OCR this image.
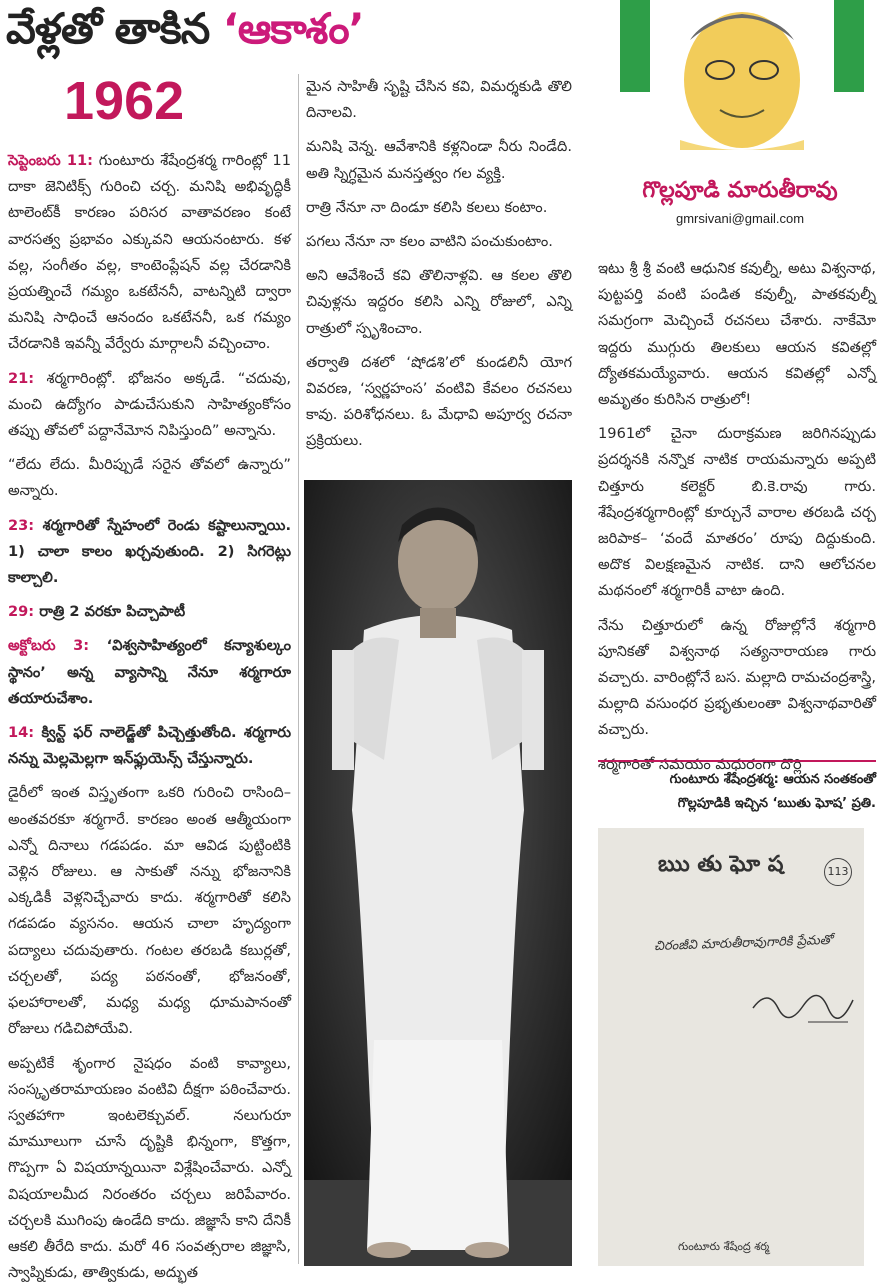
వేళ్లతో తాకిన ‘ఆకాశం’
1962

సెప్టెంబరు 11: గుంటూరు శేషేంద్రశర్మ గారింట్లో 11 దాకా జెనిటిక్స్ గురించి చర్చ. మనిషి అభివృద్ధికీ టాలెంట్‌కీ కారణం పరిసర వాతావరణం కంటే వారసత్వ ప్రభావం ఎక్కువని ఆయనంటారు. కళ వల్ల, సంగీతం వల్ల, కాంటెంప్లేషన్ వల్ల చేరడానికి ప్రయత్నించే గమ్యం ఒకటేననీ, వాటన్నిటి ద్వారా మనిషి సాధించే ఆనందం ఒకటేననీ, ఒక గమ్యం చేరడానికి ఇవన్నీ వేర్వేరు మార్గాలనీ వచ్చించాం.

21: శర్మగారింట్లో. భోజనం అక్కడే. “చదువు, మంచి ఉద్యోగం పాడుచేసుకుని సాహిత్యంకోసం తప్పు తోవలో పద్దానేమోన నిపిస్తుంది” అన్నాను.

“లేదు లేదు. మీరిప్పుడే సరైన తోవలో ఉన్నారు” అన్నారు.

23: శర్మగారితో స్నేహంలో రెండు కష్టాలున్నాయి. 1) చాలా కాలం ఖర్చవుతుంది. 2) సిగరెట్లు కాల్చాలి.

29: రాత్రి 2 వరకూ పిచ్చాపాటీ

అక్టోబరు 3: ‘విశ్వసాహిత్యంలో కన్యాశుల్కం స్థానం’ అన్న వ్యాసాన్ని నేనూ శర్మగారూ తయారుచేశాం.

14: క్విన్ట్ ఫర్ నాలెడ్జ్‌తో పిచ్చెత్తుతోంది. శర్మగారు నన్ను మెల్లమెల్లగా ఇన్‌ఫ్లుయెన్స్ చేస్తున్నారు.

డైరీలో ఇంత విస్తృతంగా ఒకరి గురించి రాసింది– అంతవరకూ శర్మగారే. కారణం అంత ఆత్మీయంగా ఎన్నో దినాలు గడపడం. మా ఆవిడ పుట్టింటికి వెళ్లిన రోజులు. ఆ సాకుతో నన్ను భోజనానికి ఎక్కడికీ వెళ్లనిచ్చేవారు కాదు. శర్మగారితో కలిసి గడపడం వ్యసనం. ఆయన చాలా హృద్యంగా పద్యాలు చదువుతారు. గంటల తరబడి కబుర్లతో, చర్చలతో, పద్య పఠనంతో, భోజనంతో, ఫలహారాలతో, మధ్య మధ్య ధూమపానంతో రోజులు గడిచిపోయేవి.

అప్పటికే శృంగార నైషధం వంటి కావ్యాలు, సంస్కృతరామాయణం వంటివి దీక్షగా పఠించేవారు. స్వతహాగా ఇంటలెక్చువల్. నలుగురూ మామూలుగా చూసే దృష్టికి భిన్నంగా, కొత్తగా, గొప్పగా ఏ విషయాన్నయినా విశ్లేషించేవారు. ఎన్నో విషయాలమీద నిరంతరం చర్చలు జరిపేవారం. చర్చలకి ముగింపు ఉండేది కాదు. జిజ్ఞాసే కాని దేనికీ ఆకలి తీరేది కాదు. మరో 46 సంవత్సరాల జిజ్ఞాసి, స్వాప్నికుడు, తాత్వికుడు, అద్భుత

మైన సాహితీ సృష్టి చేసిన కవి, విమర్శకుడి తొలి దినాలవి.

మనిషి వెన్న. ఆవేశానికి కళ్లనిండా నీరు నిండేది. అతి స్నిగ్ధమైన మనస్తత్వం గల వ్యక్తి.

రాత్రి నేనూ నా దిండూ కలిసి కలలు కంటాం.

పగలు నేనూ నా కలం వాటిని పంచుకుంటాం.

అని ఆవేశించే కవి తొలినాళ్లవి. ఆ కలల తొలి చివుళ్లను ఇద్దరం కలిసి ఎన్ని రోజులో, ఎన్ని రాత్రులో స్పృశించాం.

తర్వాతి దశలో ‘షోడశి’లో కుండలినీ యోగ వివరణ, ‘స్వర్ణహంస’ వంటివి కేవలం రచనలు కావు. పరిశోధనలు. ఓ మేధావి అపూర్వ రచనా ప్రక్రియలు.

గొల్లపూడి మారుతీరావు
gmrsivani@gmail.com

ఇటు శ్రీ శ్రీ వంటి ఆధునిక కవుల్నీ, అటు విశ్వనాథ, పుట్టపర్తి వంటి పండిత కవుల్నీ, పాతకవుల్నీ సమగ్రంగా మెచ్చించే రచనలు చేశారు. నాకేమో ఇద్దరు ముగ్గురు తిలకులు ఆయన కవితల్లో ద్యోతకమయ్యేవారు. ఆయన కవితల్లో ఎన్నో అమృతం కురిసిన రాత్రులో!

1961లో చైనా దురాక్రమణ జరిగినప్పుడు ప్రదర్శనకి నన్నొక నాటిక రాయమన్నారు అప్పటి చిత్తూరు కలెక్టర్ బి.కె.రావు గారు. శేషేంద్రశర్మగారింట్లో కూర్చునే వారాల తరబడి చర్చ జరిపాక– ‘వందే మాతరం’ రూపు దిద్దుకుంది. అదొక విలక్షణమైన నాటిక. దాని ఆలోచనల మథనంలో శర్మగారికీ వాటా ఉంది.

నేను చిత్తూరులో ఉన్న రోజుల్లోనే శర్మగారి పూనికతో విశ్వనాథ సత్యనారాయణ గారు వచ్చారు. వారింట్లోనే బస. మల్లాది రామచంద్రశాస్త్రి, మల్లాది వసుంధర ప్రభృతులంతా విశ్వనాథవారితో వచ్చారు.

శర్మగారితో సమయం మధురంగా దొర్లి

గుంటూరు శేషేంద్రశర్మ: ఆయన సంతకంతో
గొల్లపూడికి ఇచ్చిన ‘ఋతు ఘోష’ ప్రతి.
ఋ తు ఘో ష	113
చిరంజీవి మారుతీరావుగారికి ప్రేమతో
గుంటూరు శేషేంద్ర శర్మ
